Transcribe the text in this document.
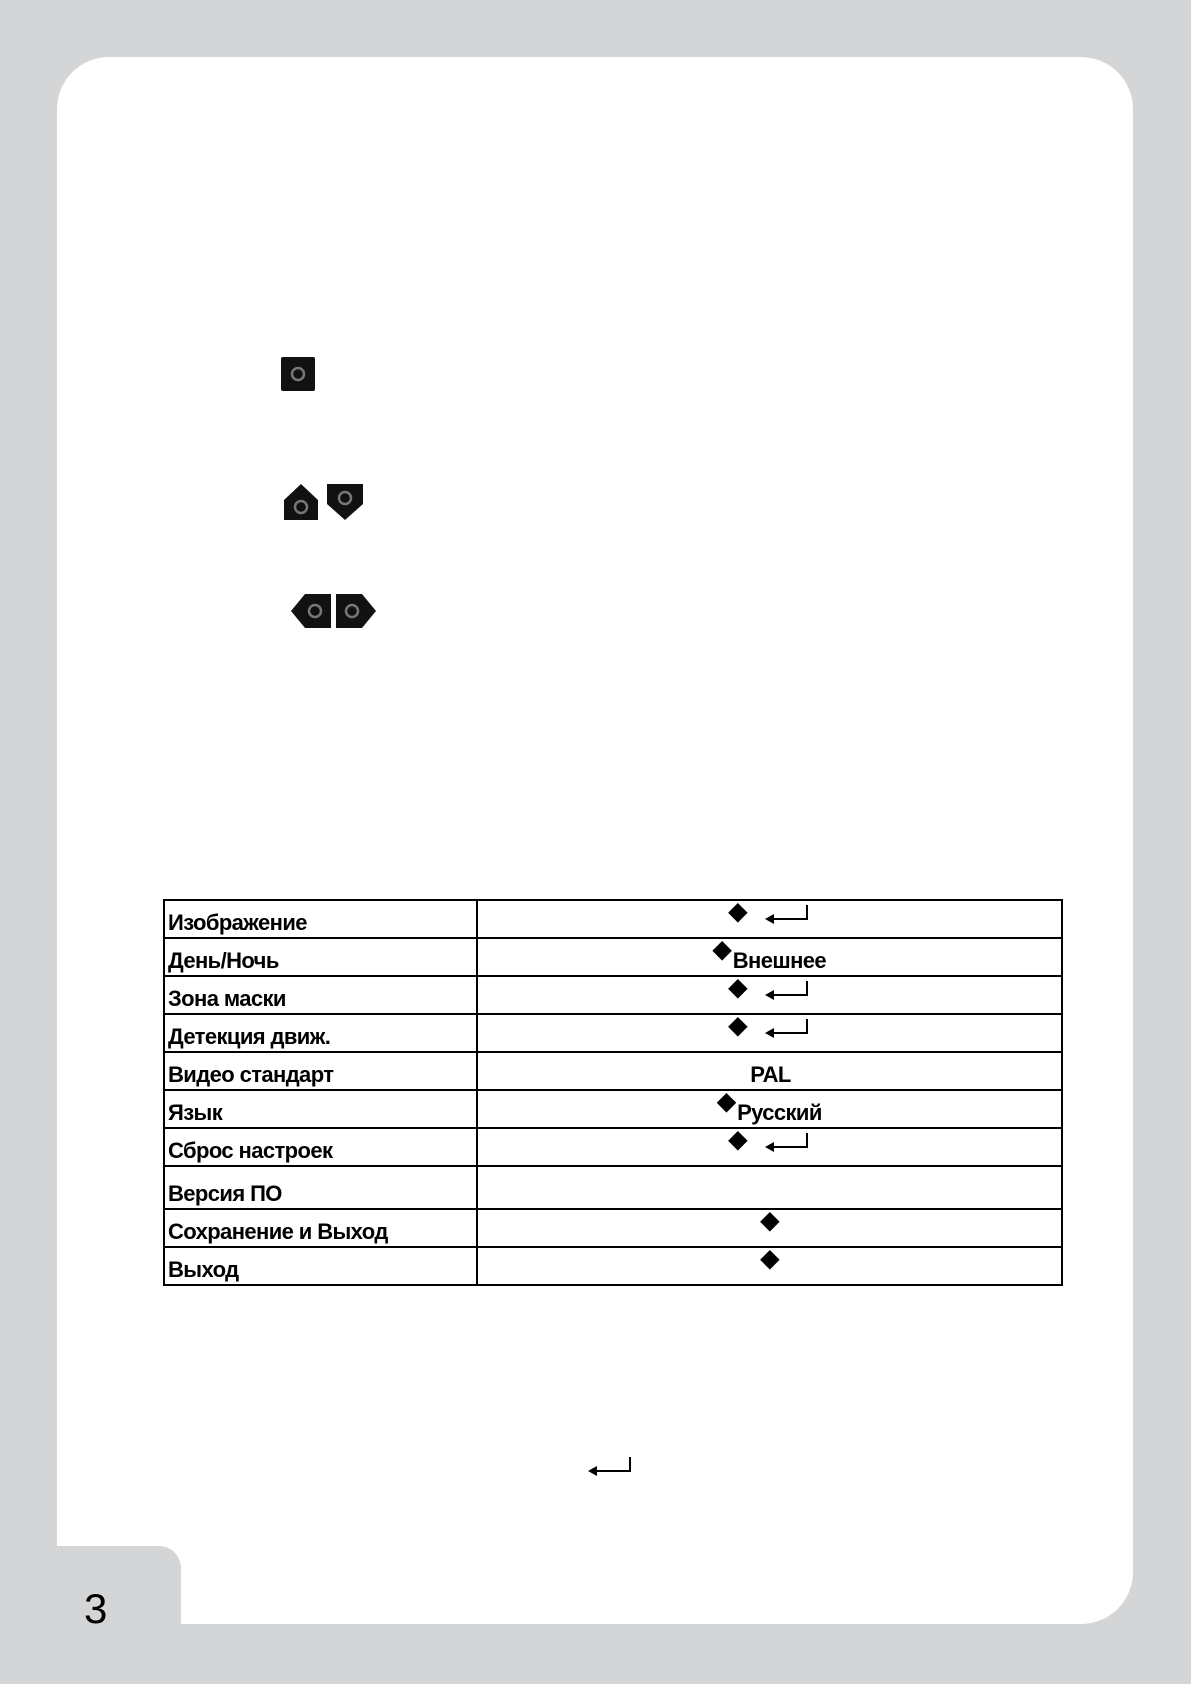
3
Изображение	◆

День/Ночь	◆ Внешнее

Зона маски	◆

Детекция движ.	◆

Видео стандарт	PAL

Язык	◆ Русский

Сброс настроек	◆

Версия ПО	
Сохранение и Выход	◆

Выход	◆
